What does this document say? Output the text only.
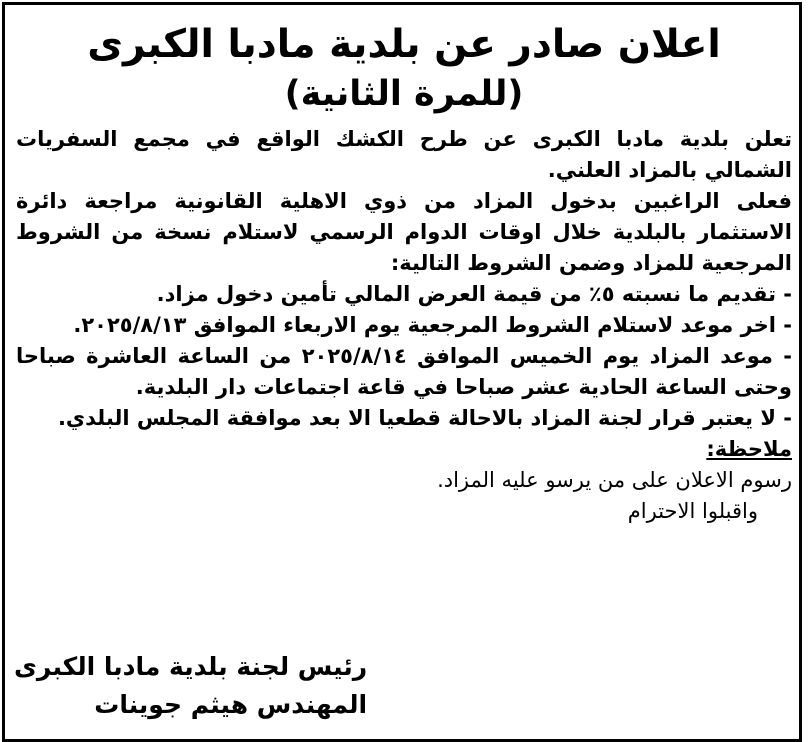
اعلان صادر عن بلدية مادبا الكبرى

(للمرة الثانية)

تعلن بلدية مادبا الكبرى عن طرح الكشك الواقع في مجمع السفريات الشمالي بالمزاد العلني.

فعلى الراغبين بدخول المزاد من ذوي الاهلية القانونية مراجعة دائرة الاستثمار بالبلدية خلال اوقات الدوام الرسمي لاستلام نسخة من الشروط المرجعية للمزاد وضمن الشروط التالية:

- تقديم ما نسبته ٥٪ من قيمة العرض المالي تأمين دخول مزاد.

- اخر موعد لاستلام الشروط المرجعية يوم الاربعاء الموافق ٢٠٢٥/٨/١٣.

- موعد المزاد يوم الخميس الموافق ٢٠٢٥/٨/١٤ من الساعة العاشرة صباحا وحتى الساعة الحادية عشر صباحا في قاعة اجتماعات دار البلدية.

- لا يعتبر قرار لجنة المزاد بالاحالة قطعيا الا بعد موافقة المجلس البلدي.

ملاحظة:

رسوم الاعلان على من يرسو عليه المزاد.

واقبلوا الاحترام

رئيس لجنة بلدية مادبا الكبرى

المهندس هيثم جوينات
